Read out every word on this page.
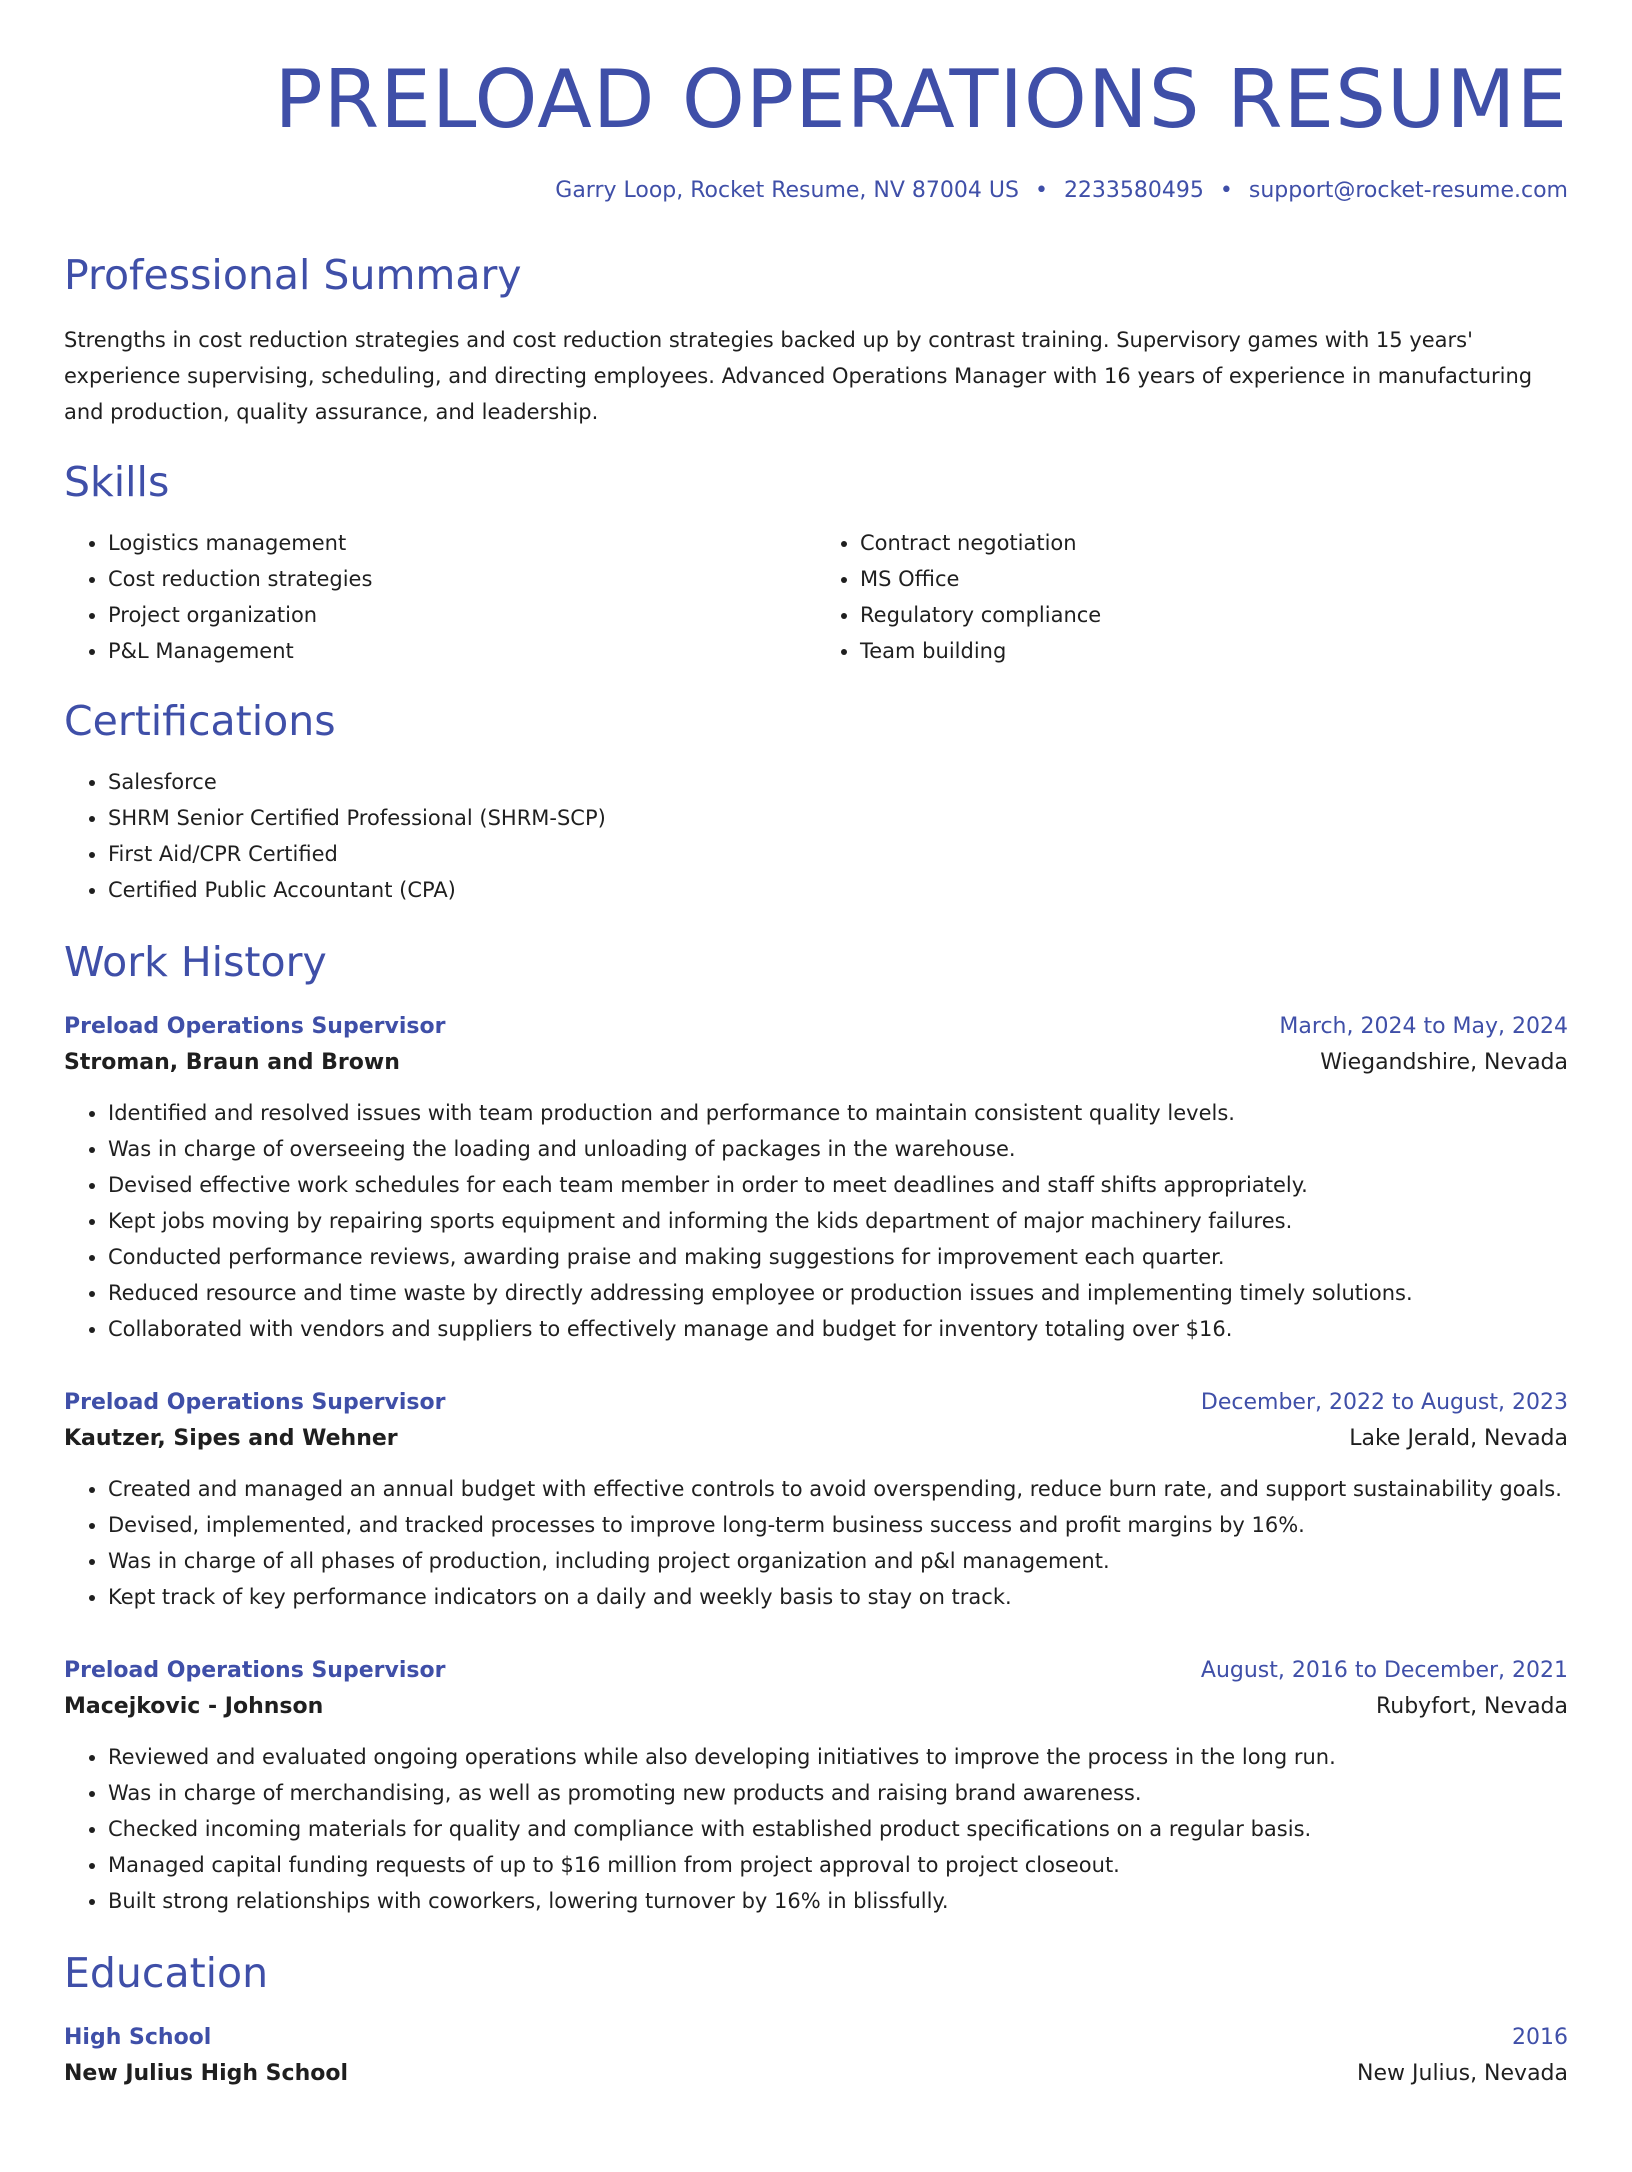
PRELOAD OPERATIONS RESUME
Garry Loop, Rocket Resume, NV 87004 US • 2233580495 • support@rocket-resume.com
Professional Summary

Strengths in cost reduction strategies and cost reduction strategies backed up by contrast training. Supervisory games with 15 years' experience supervising, scheduling, and directing employees. Advanced Operations Manager with 16 years of experience in manufacturing and production, quality assurance, and leadership.

Skills
• Logistics management
• Cost reduction strategies
• Project organization
• P&L Management
• Contract negotiation
• MS Office
• Regulatory compliance
• Team building
Certifications
• Salesforce
• SHRM Senior Certified Professional (SHRM-SCP)
• First Aid/CPR Certified
• Certified Public Accountant (CPA)
Work History
Preload Operations Supervisor	March, 2024 to May, 2024
Stroman, Braun and Brown	Wiegandshire, Nevada
• Identified and resolved issues with team production and performance to maintain consistent quality levels.
• Was in charge of overseeing the loading and unloading of packages in the warehouse.
• Devised effective work schedules for each team member in order to meet deadlines and staff shifts appropriately.
• Kept jobs moving by repairing sports equipment and informing the kids department of major machinery failures.
• Conducted performance reviews, awarding praise and making suggestions for improvement each quarter.
• Reduced resource and time waste by directly addressing employee or production issues and implementing timely solutions.
• Collaborated with vendors and suppliers to effectively manage and budget for inventory totaling over $16.
Preload Operations Supervisor	December, 2022 to August, 2023
Kautzer, Sipes and Wehner	Lake Jerald, Nevada
• Created and managed an annual budget with effective controls to avoid overspending, reduce burn rate, and support sustainability goals.
• Devised, implemented, and tracked processes to improve long-term business success and profit margins by 16%.
• Was in charge of all phases of production, including project organization and p&l management.
• Kept track of key performance indicators on a daily and weekly basis to stay on track.
Preload Operations Supervisor	August, 2016 to December, 2021
Macejkovic - Johnson	Rubyfort, Nevada
• Reviewed and evaluated ongoing operations while also developing initiatives to improve the process in the long run.
• Was in charge of merchandising, as well as promoting new products and raising brand awareness.
• Checked incoming materials for quality and compliance with established product specifications on a regular basis.
• Managed capital funding requests of up to $16 million from project approval to project closeout.
• Built strong relationships with coworkers, lowering turnover by 16% in blissfully.
Education
High School	2016
New Julius High School	New Julius, Nevada
